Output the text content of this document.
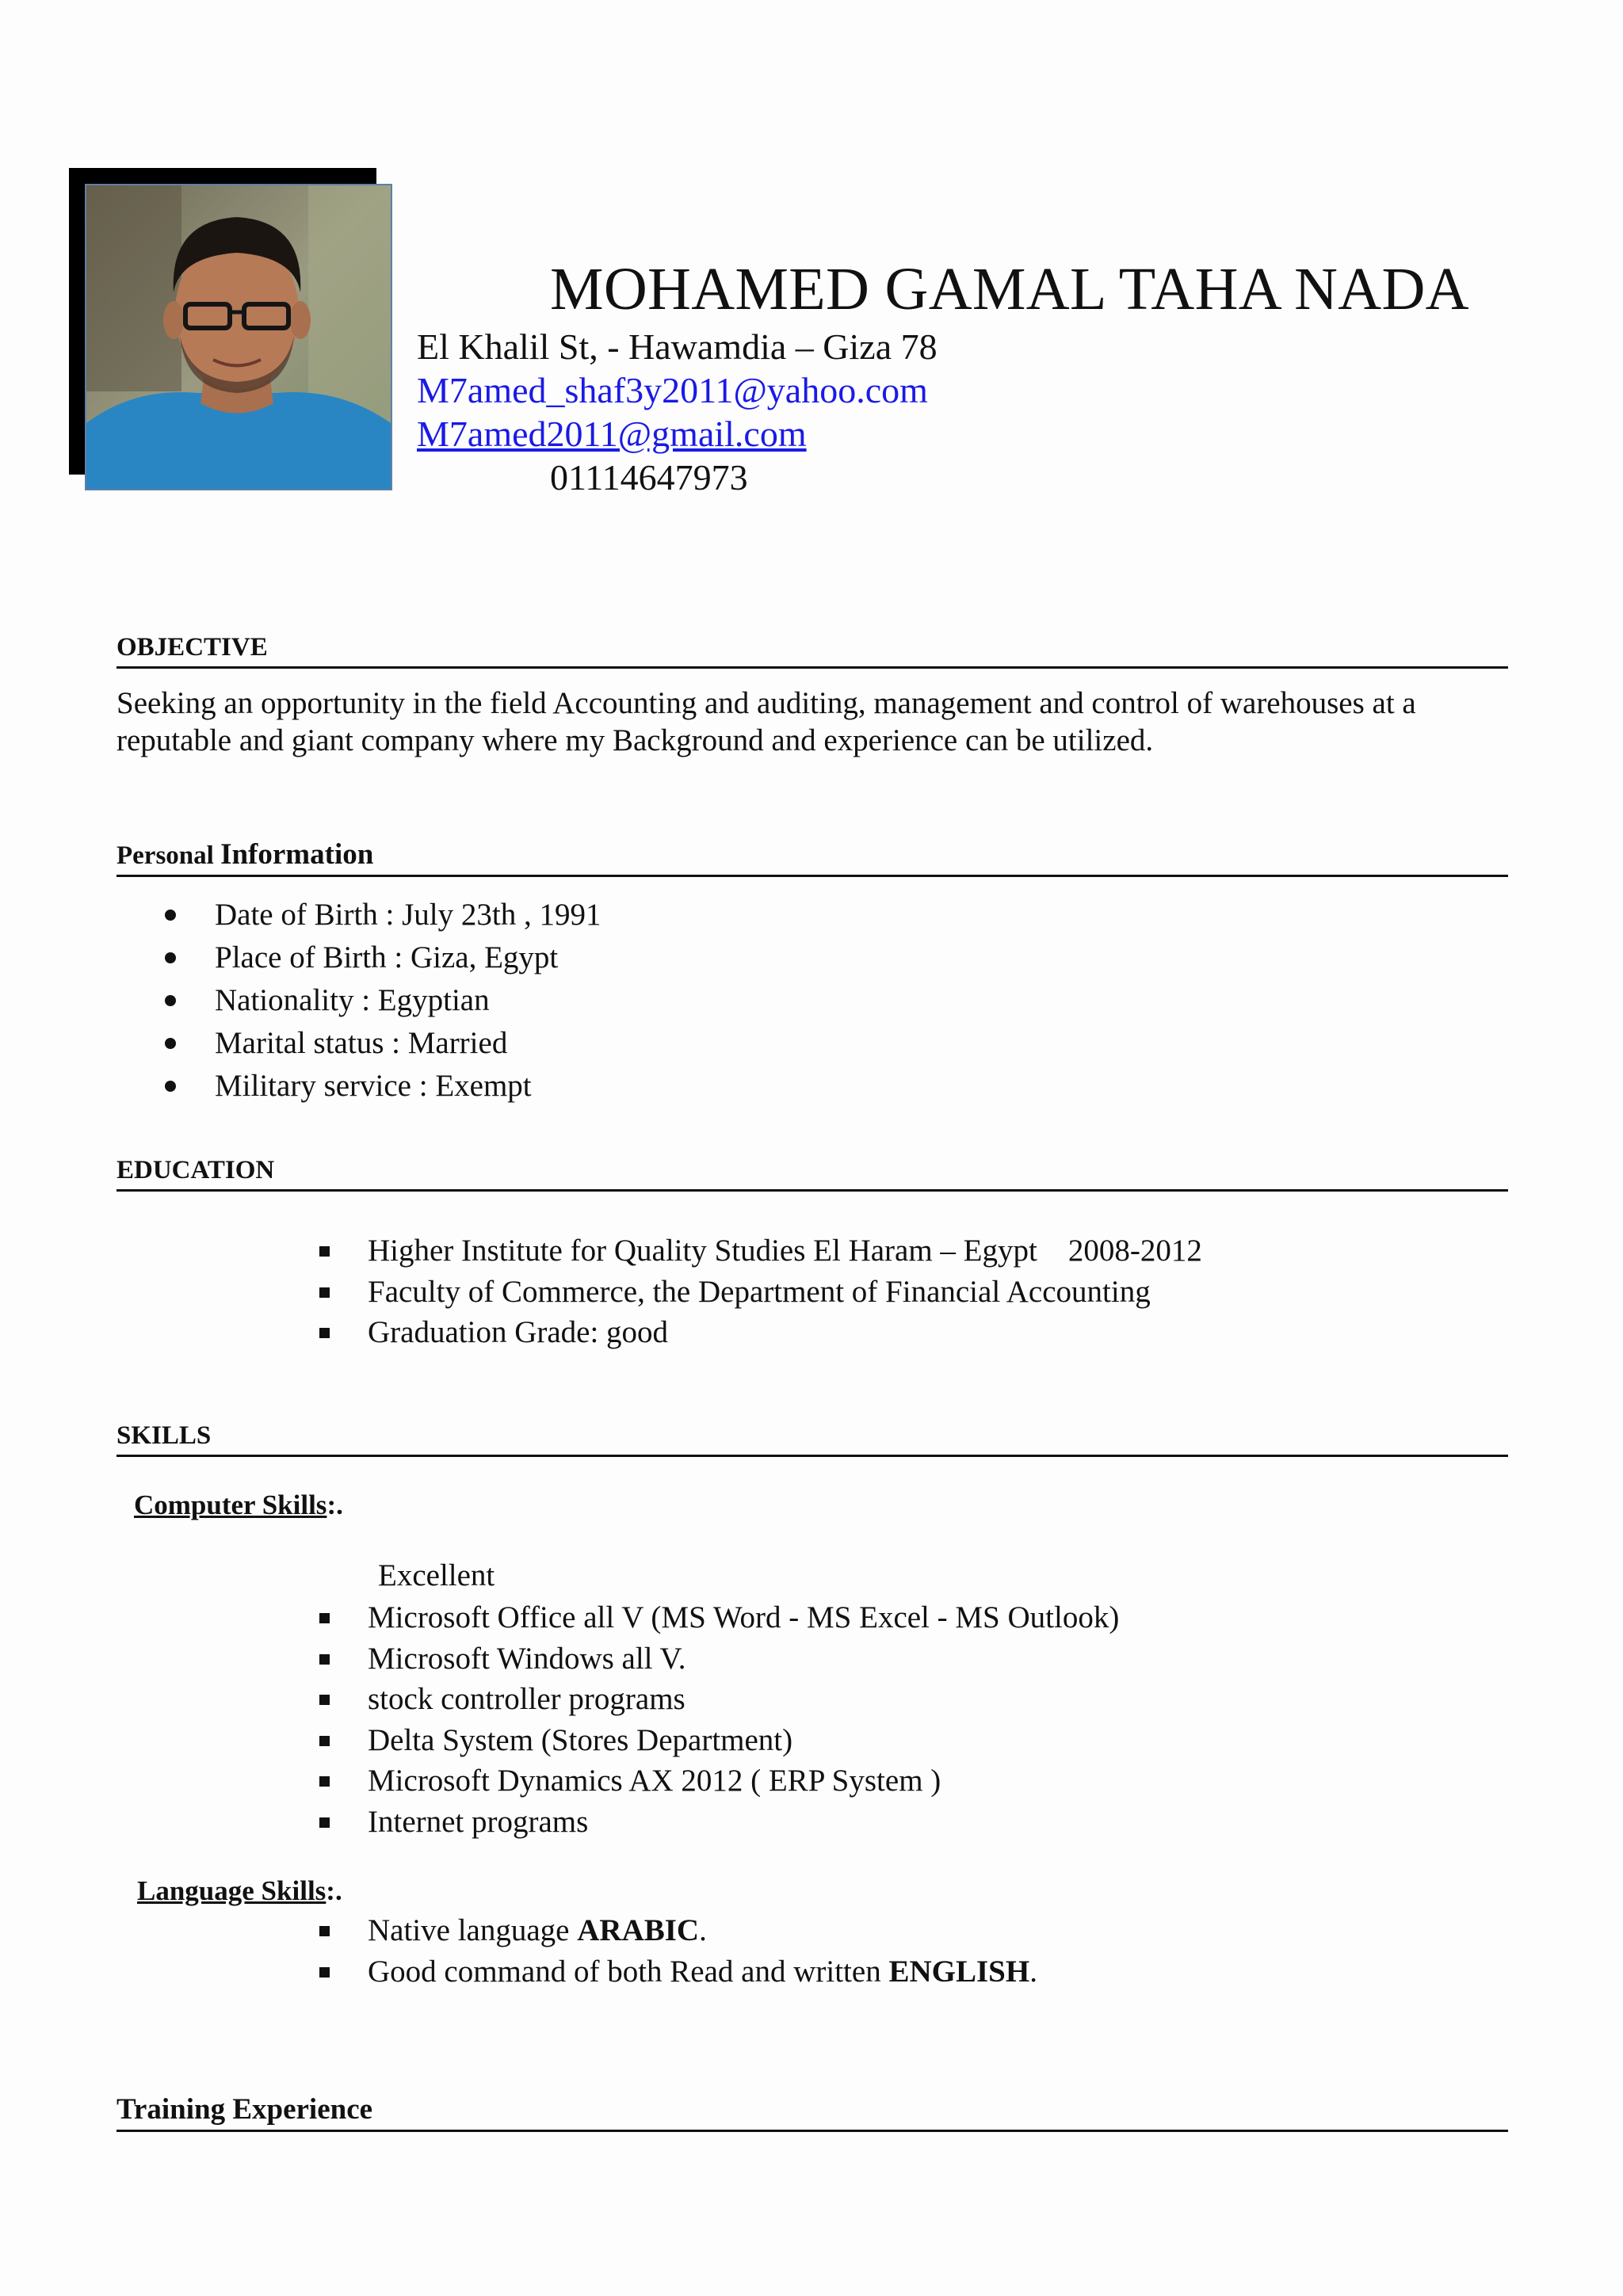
MOHAMED GAMAL TAHA NADA
El Khalil St, - Hawamdia – Giza 78
M7amed_shaf3y2011@yahoo.com
M7amed2011@gmail.com
01114647973
OBJECTIVE
Seeking an opportunity in the field Accounting and auditing, management and control of warehouses at a reputable and giant company where my Background and experience can be utilized.
Personal Information
Date of Birth : July 23th , 1991
Place of Birth : Giza, Egypt
Nationality : Egyptian
Marital status : Married
Military service : Exempt
EDUCATION
Higher Institute for Quality Studies El Haram – Egypt    2008-2012
Faculty of Commerce, the Department of Financial Accounting
Graduation Grade: good
SKILLS
Computer Skills:.
Excellent
Microsoft Office all V (MS Word - MS Excel - MS Outlook)
Microsoft Windows all V.
stock controller programs
Delta System (Stores Department)
Microsoft Dynamics AX 2012 ( ERP System )
Internet programs
Language Skills:.
Native language ARABIC.
Good command of both Read and written ENGLISH.
Training Experience
